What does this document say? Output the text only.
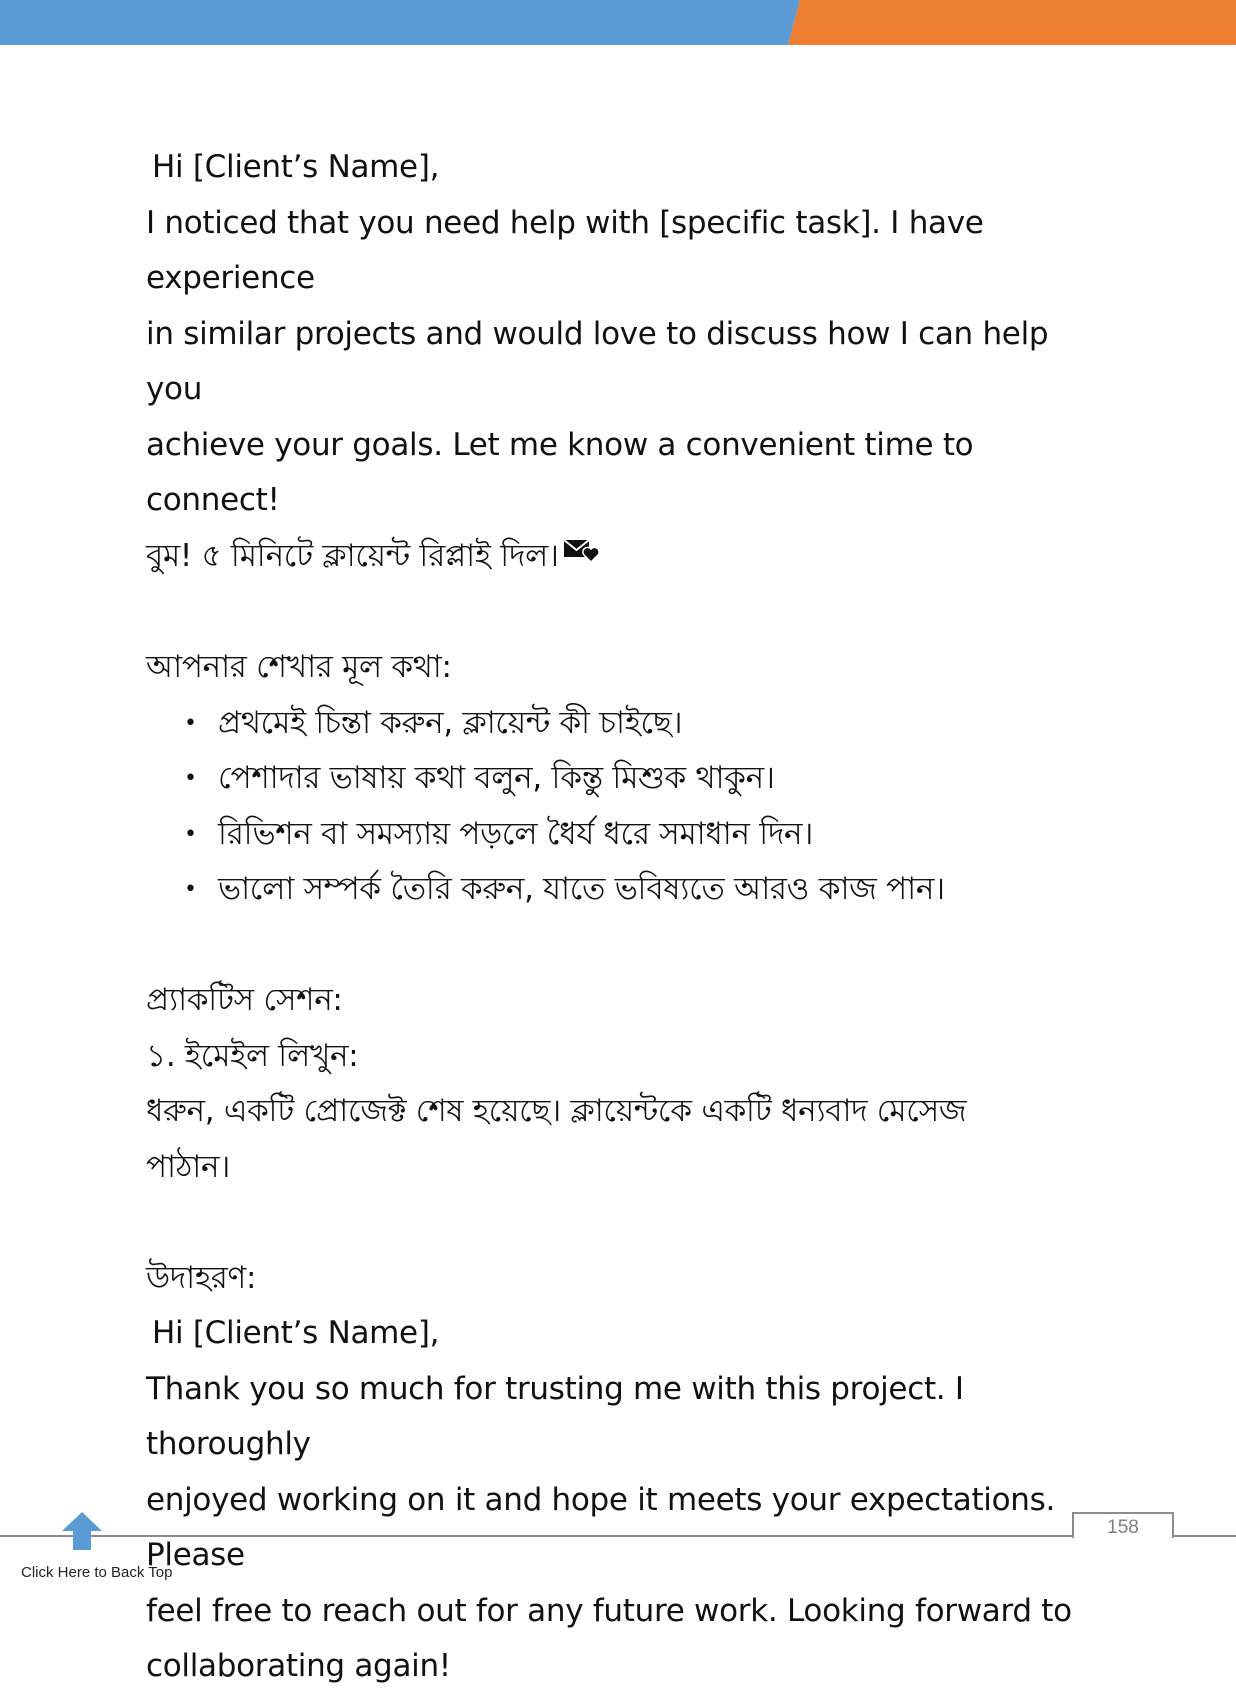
Hi [Client’s Name],

I noticed that you need help with [specific task]. I have experience

in similar projects and would love to discuss how I can help you

achieve your goals. Let me know a convenient time to connect!

বুম! ৫ মিনিটে ক্লায়েন্ট রিপ্লাই দিল।

আপনার শেখার মূল কথা:

• প্রথমেই চিন্তা করুন, ক্লায়েন্ট কী চাইছে।
• পেশাদার ভাষায় কথা বলুন, কিন্তু মিশুক থাকুন।
• রিভিশন বা সমস্যায় পড়লে ধৈর্য ধরে সমাধান দিন।
• ভালো সম্পর্ক তৈরি করুন, যাতে ভবিষ্যতে আরও কাজ পান।

প্র্যাকটিস সেশন:

১. ইমেইল লিখুন:

ধরুন, একটি প্রোজেক্ট শেষ হয়েছে। ক্লায়েন্টকে একটি ধন্যবাদ মেসেজ

পাঠান।

উদাহরণ:

Hi [Client’s Name],

Thank you so much for trusting me with this project. I thoroughly

enjoyed working on it and hope it meets your expectations. Please

feel free to reach out for any future work. Looking forward to

collaborating again!

158
Click Here to Back Top
